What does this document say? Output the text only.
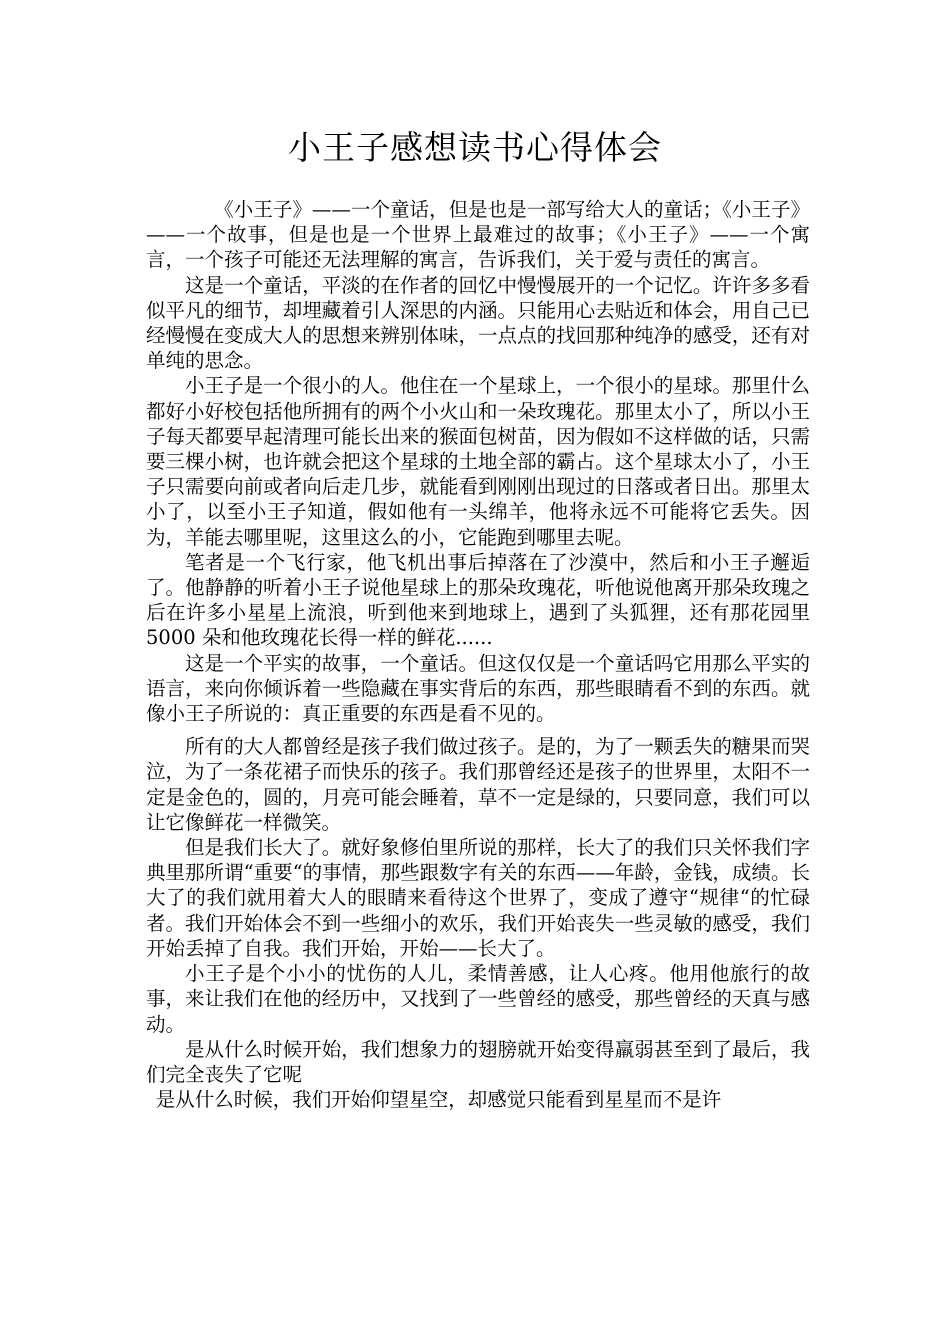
小王子感想读书心得体会

《小王子》——一个童话，但是也是一部写给大人的童话；《小王子》——一个故事，但是也是一个世界上最难过的故事；《小王子》——一个寓言，一个孩子可能还无法理解的寓言，告诉我们，关于爱与责任的寓言。

这是一个童话，平淡的在作者的回忆中慢慢展开的一个记忆。许许多多看似平凡的细节，却埋藏着引人深思的内涵。只能用心去贴近和体会，用自己已经慢慢在变成大人的思想来辨别体味，一点点的找回那种纯净的感受，还有对单纯的思念。

小王子是一个很小的人。他住在一个星球上，一个很小的星球。那里什么都好小好校包括他所拥有的两个小火山和一朵玫瑰花。那里太小了，所以小王子每天都要早起清理可能长出来的猴面包树苗，因为假如不这样做的话，只需要三棵小树，也许就会把这个星球的土地全部的霸占。这个星球太小了，小王子只需要向前或者向后走几步，就能看到刚刚出现过的日落或者日出。那里太小了，以至小王子知道，假如他有一头绵羊，他将永远不可能将它丢失。因为，羊能去哪里呢，这里这么的小，它能跑到哪里去呢。

笔者是一个飞行家，他飞机出事后掉落在了沙漠中，然后和小王子邂逅了。他静静的听着小王子说他星球上的那朵玫瑰花，听他说他离开那朵玫瑰之后在许多小星星上流浪，听到他来到地球上，遇到了头狐狸，还有那花园里 5000 朵和他玫瑰花长得一样的鲜花......

这是一个平实的故事，一个童话。但这仅仅是一个童话吗它用那么平实的语言，来向你倾诉着一些隐藏在事实背后的东西，那些眼睛看不到的东西。就像小王子所说的：真正重要的东西是看不见的。

所有的大人都曾经是孩子我们做过孩子。是的，为了一颗丢失的糖果而哭泣，为了一条花裙子而快乐的孩子。我们那曾经还是孩子的世界里，太阳不一定是金色的，圆的，月亮可能会睡着，草不一定是绿的，只要同意，我们可以让它像鲜花一样微笑。

但是我们长大了。就好象修伯里所说的那样，长大了的我们只关怀我们字典里那所谓“重要“的事情，那些跟数字有关的东西——年龄，金钱，成绩。长大了的我们就用着大人的眼睛来看待这个世界了，变成了遵守“规律“的忙碌者。我们开始体会不到一些细小的欢乐，我们开始丧失一些灵敏的感受，我们开始丢掉了自我。我们开始，开始——长大了。

小王子是个小小的忧伤的人儿，柔情善感，让人心疼。他用他旅行的故事，来让我们在他的经历中，又找到了一些曾经的感受，那些曾经的天真与感动。

是从什么时候开始，我们想象力的翅膀就开始变得羸弱甚至到了最后，我们完全丧失了它呢

是从什么时候，我们开始仰望星空，却感觉只能看到星星而不是许
